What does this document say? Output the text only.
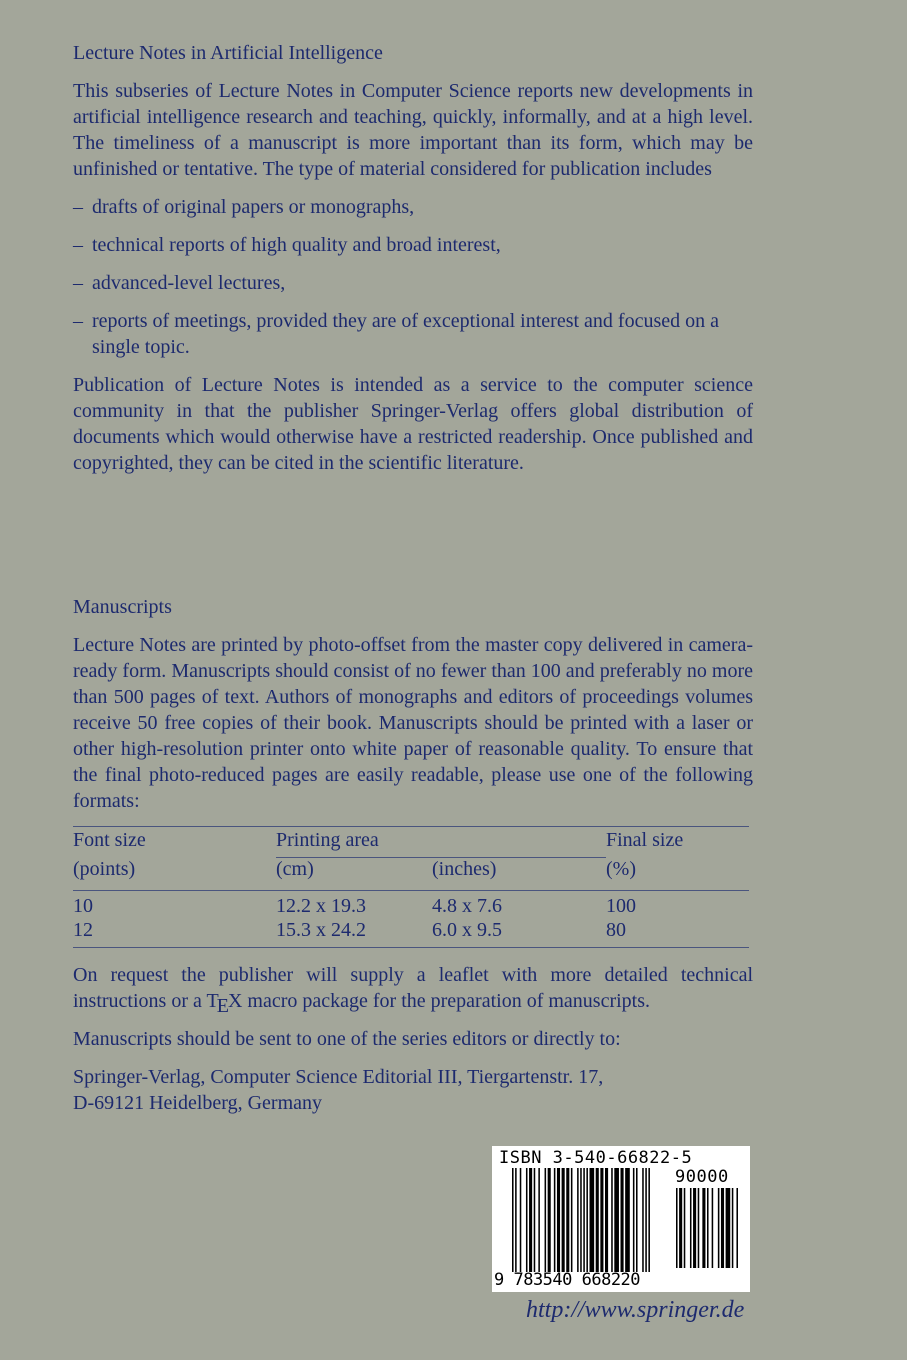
Lecture Notes in Artificial Intelligence

This subseries of Lecture Notes in Computer Science reports new developments in artificial intelligence research and teaching, quickly, informally, and at a high level. The timeliness of a manuscript is more important than its form, which may be unfinished or tentative. The type of material considered for publication includes

– drafts of original papers or monographs,
– technical reports of high quality and broad interest,
– advanced-level lectures,
– reports of meetings, provided they are of exceptional interest and focused on a single topic.

Publication of Lecture Notes is intended as a service to the computer science community in that the publisher Springer-Verlag offers global distribution of documents which would otherwise have a restricted readership. Once published and copyrighted, they can be cited in the scientific literature.

Manuscripts

Lecture Notes are printed by photo-offset from the master copy delivered in camera-ready form. Manuscripts should consist of no fewer than 100 and preferably no more than 500 pages of text. Authors of monographs and editors of proceedings volumes receive 50 free copies of their book. Manuscripts should be printed with a laser or other high-resolution printer onto white paper of reasonable quality. To ensure that the final photo-reduced pages are easily readable, please use one of the following formats:

Font size	Printing area		Final size
(points)	(cm)	(inches)	(%)
10	12.2 x 19.3	4.8 x 7.6	100
12	15.3 x 24.2	6.0 x 9.5	80

On request the publisher will supply a leaflet with more detailed technical instructions or a TEX macro package for the preparation of manuscripts.

Manuscripts should be sent to one of the series editors or directly to:

Springer-Verlag, Computer Science Editorial III, Tiergartenstr. 17,
D-69121 Heidelberg, Germany
ISBN 3-540-66822-5
90000
9 783540 668220
http://www.springer.de
